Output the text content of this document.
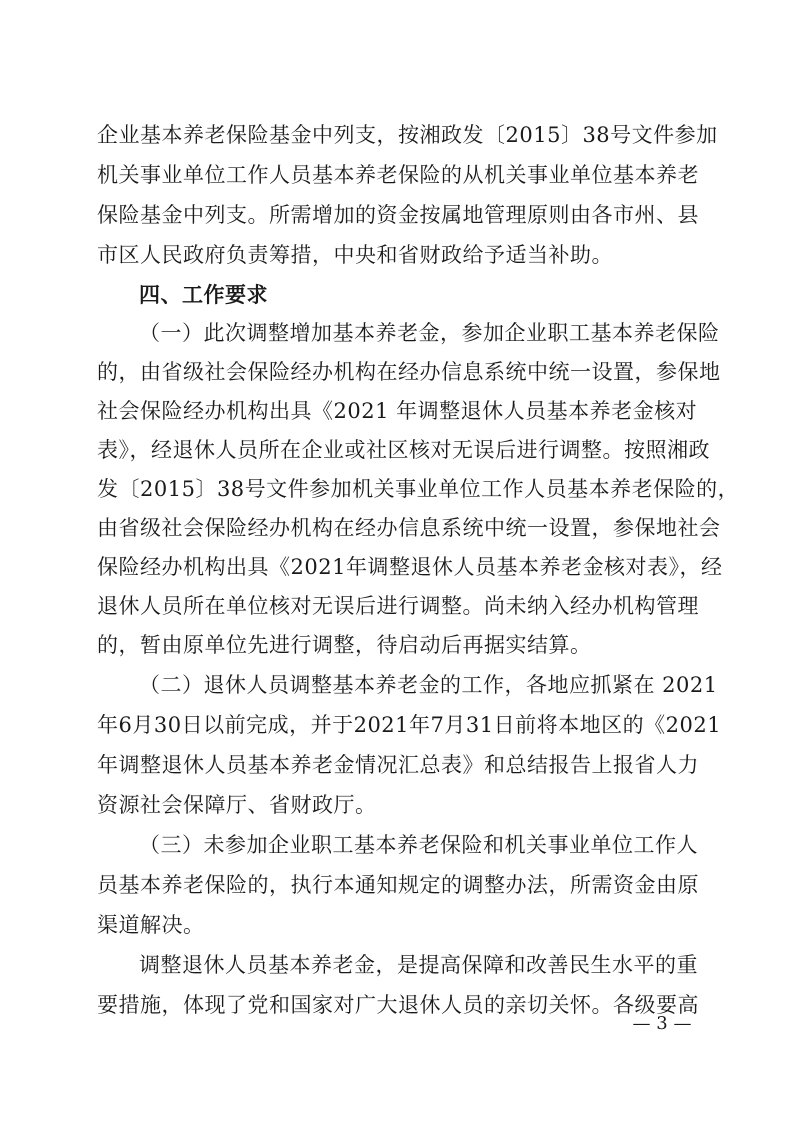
企业基本养老保险基金中列支，按湘政发〔2015〕38号文件参加
机关事业单位工作人员基本养老保险的从机关事业单位基本养老
保险基金中列支。所需增加的资金按属地管理原则由各市州、县
市区人民政府负责筹措，中央和省财政给予适当补助。
四、工作要求
（一）此次调整增加基本养老金，参加企业职工基本养老保险
的，由省级社会保险经办机构在经办信息系统中统一设置，参保地
社会保险经办机构出具《2021 年调整退休人员基本养老金核对
表》，经退休人员所在企业或社区核对无误后进行调整。按照湘政
发〔2015〕38号文件参加机关事业单位工作人员基本养老保险的，
由省级社会保险经办机构在经办信息系统中统一设置，参保地社会
保险经办机构出具《2021年调整退休人员基本养老金核对表》，经
退休人员所在单位核对无误后进行调整。尚未纳入经办机构管理
的，暂由原单位先进行调整，待启动后再据实结算。
（二）退休人员调整基本养老金的工作，各地应抓紧在 2021
年6月30日以前完成，并于2021年7月31日前将本地区的《2021
年调整退休人员基本养老金情况汇总表》和总结报告上报省人力
资源社会保障厅、省财政厅。
（三）未参加企业职工基本养老保险和机关事业单位工作人
员基本养老保险的，执行本通知规定的调整办法，所需资金由原
渠道解决。
调整退休人员基本养老金，是提高保障和改善民生水平的重
要措施，体现了党和国家对广大退休人员的亲切关怀。各级要高
— 3 —
